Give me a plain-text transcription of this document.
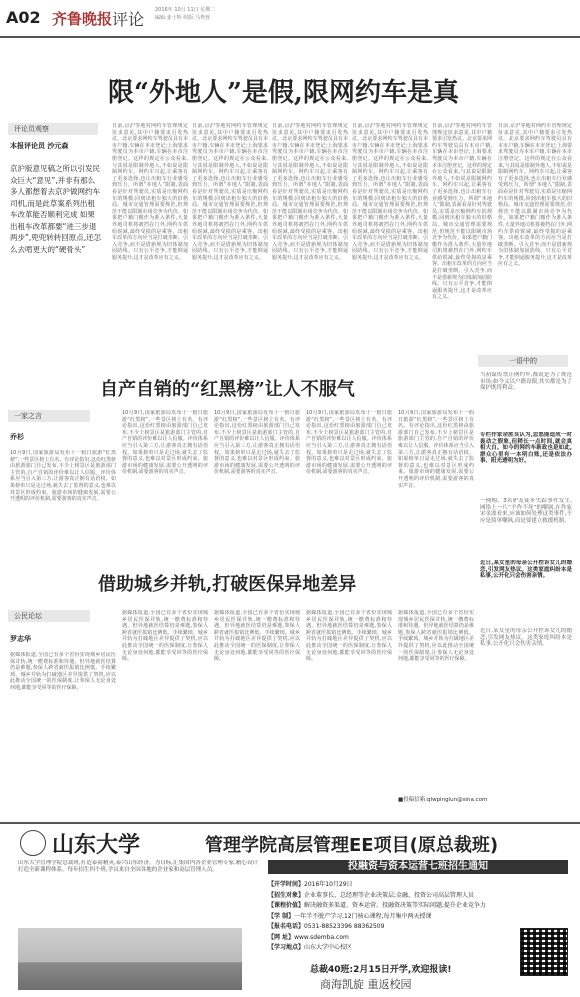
A02 齐鲁晚报 评论 2016年 10月 11日 星期二
编辑:姜士辉 组版:马秀蓉
限“外地人”是假,限网约车是真
评论员观察
本报评论员 沙元森
京沪版意见稿之所以引发民众巨大“意见”,并非有那么多人都想着去京沪做网约车司机,而是此草案系列出租车改革能否顺利完成 如果出租车改革都要“进三步退两步”,兜兜转转回原点,还怎么去啃更大的“硬骨头”
日前,京沪等地对网约车管理规定征求意见,其中户籍要求引发热议。北京要求网约车驾驶员具有本市户籍,车辆在本市登记;上海要求驾驶员为本市户籍,车辆在本市注册登记。这样的规定在公众看来,与其说是限制外地人,不如说是限制网约车。网约车兴起,让乘客有了更多选择,也让出租车行业感受到压力。所谓“本地人”限制,表面看是针对驾驶员,实质是压缩网约车的规模,回到出租车独大的旧格局。城市交通管理需要规范,但规范不能以限制市场竞争为代价。如果把户籍门槛作为准入条件,大量外地司机将被挡在门外,网约车供给锐减,最终受损的是乘客。出租车改革的方向应当是打破垄断、引入竞争,而不是借新规为旧体制加固防线。只有公平竞争,才能倒逼服务提升,这才是改革应有之义。
日前,京沪等地对网约车管理规定征求意见,其中户籍要求引发热议。北京要求网约车驾驶员具有本市户籍,车辆在本市登记;上海要求驾驶员为本市户籍,车辆在本市注册登记。这样的规定在公众看来,与其说是限制外地人,不如说是限制网约车。网约车兴起,让乘客有了更多选择,也让出租车行业感受到压力。所谓“本地人”限制,表面看是针对驾驶员,实质是压缩网约车的规模,回到出租车独大的旧格局。城市交通管理需要规范,但规范不能以限制市场竞争为代价。如果把户籍门槛作为准入条件,大量外地司机将被挡在门外,网约车供给锐减,最终受损的是乘客。出租车改革的方向应当是打破垄断、引入竞争,而不是借新规为旧体制加固防线。只有公平竞争,才能倒逼服务提升,这才是改革应有之义。
日前,京沪等地对网约车管理规定征求意见,其中户籍要求引发热议。北京要求网约车驾驶员具有本市户籍,车辆在本市登记;上海要求驾驶员为本市户籍,车辆在本市注册登记。这样的规定在公众看来,与其说是限制外地人,不如说是限制网约车。网约车兴起,让乘客有了更多选择,也让出租车行业感受到压力。所谓“本地人”限制,表面看是针对驾驶员,实质是压缩网约车的规模,回到出租车独大的旧格局。城市交通管理需要规范,但规范不能以限制市场竞争为代价。如果把户籍门槛作为准入条件,大量外地司机将被挡在门外,网约车供给锐减,最终受损的是乘客。出租车改革的方向应当是打破垄断、引入竞争,而不是借新规为旧体制加固防线。只有公平竞争,才能倒逼服务提升,这才是改革应有之义。
日前,京沪等地对网约车管理规定征求意见,其中户籍要求引发热议。北京要求网约车驾驶员具有本市户籍,车辆在本市登记;上海要求驾驶员为本市户籍,车辆在本市注册登记。这样的规定在公众看来,与其说是限制外地人,不如说是限制网约车。网约车兴起,让乘客有了更多选择,也让出租车行业感受到压力。所谓“本地人”限制,表面看是针对驾驶员,实质是压缩网约车的规模,回到出租车独大的旧格局。城市交通管理需要规范,但规范不能以限制市场竞争为代价。如果把户籍门槛作为准入条件,大量外地司机将被挡在门外,网约车供给锐减,最终受损的是乘客。出租车改革的方向应当是打破垄断、引入竞争,而不是借新规为旧体制加固防线。只有公平竞争,才能倒逼服务提升,这才是改革应有之义。
日前,京沪等地对网约车管理规定征求意见,其中户籍要求引发热议。北京要求网约车驾驶员具有本市户籍,车辆在本市登记;上海要求驾驶员为本市户籍,车辆在本市注册登记。这样的规定在公众看来,与其说是限制外地人,不如说是限制网约车。网约车兴起,让乘客有了更多选择,也让出租车行业感受到压力。所谓“本地人”限制,表面看是针对驾驶员,实质是压缩网约车的规模,回到出租车独大的旧格局。城市交通管理需要规范,但规范不能以限制市场竞争为代价。如果把户籍门槛作为准入条件,大量外地司机将被挡在门外,网约车供给锐减,最终受损的是乘客。出租车改革的方向应当是打破垄断、引入竞争,而不是借新规为旧体制加固防线。只有公平竞争,才能倒逼服务提升,这才是改革应有之义。
日前,京沪等地对网约车管理规定征求意见,其中户籍要求引发热议。北京要求网约车驾驶员具有本市户籍,车辆在本市登记;上海要求驾驶员为本市户籍,车辆在本市注册登记。这样的规定在公众看来,与其说是限制外地人,不如说是限制网约车。网约车兴起,让乘客有了更多选择,也让出租车行业感受到压力。所谓“本地人”限制,表面看是针对驾驶员,实质是压缩网约车的规模,回到出租车独大的旧格局。城市交通管理需要规范,但规范不能以限制市场竞争为代价。如果把户籍门槛作为准入条件,大量外地司机将被挡在门外,网约车供给锐减,最终受损的是乘客。出租车改革的方向应当是打破垄断、引入竞争,而不是借新规为旧体制加固防线。只有公平竞争,才能倒逼服务提升,这才是改革应有之义。
一语中的
当初谋传禁止网约车,都说是为了规范市场;如今又以户籍设限,其实都是为了保护既得利益。
专栏作家余胜良认为,忽悠能造成一时轰动之假象,但稍长一点时间,就会真相大白。如今的网约车新政也是如此,群众心里有一本明白账,还是依法办事、阳光透明为好。
一网购、3名驴友徒步失踪事件发生,网络上一片“不作不死”的嘲讽,在作家宋金波看来,应该如何处理这类事件,不应是简单嘲讽,而是要建立救援机制。
近日,某女星的母亲公开控诉女儿的婚恋,引发网友热议。这类家庭纠纷本是私事,公开化只会伤害亲情。
近日,某女星的母亲公开控诉女儿的婚恋,引发网友热议。这类家庭纠纷本是私事,公开化只会伤害亲情。
自产自销的“红黑榜”让人不服气
一家之言
乔杉
10月9日,国家旅游局发布十一假日旅游“红黑榜”,一些景区榜上有名。有评论指出,这份红黑榜由旅游部门自己发布,不少上榜景区是旅游部门主管的,自产自销的评价难以让人信服。评价体系应当引入第三方,让游客真正拥有话语权。如果榜单只是走过场,就失去了监督的意义,也难以对景区形成约束。旅游市场的健康发展,需要公开透明的评价机制,需要游客的真实声音。
10月9日,国家旅游局发布十一假日旅游“红黑榜”,一些景区榜上有名。有评论指出,这份红黑榜由旅游部门自己发布,不少上榜景区是旅游部门主管的,自产自销的评价难以让人信服。评价体系应当引入第三方,让游客真正拥有话语权。如果榜单只是走过场,就失去了监督的意义,也难以对景区形成约束。旅游市场的健康发展,需要公开透明的评价机制,需要游客的真实声音。
10月9日,国家旅游局发布十一假日旅游“红黑榜”,一些景区榜上有名。有评论指出,这份红黑榜由旅游部门自己发布,不少上榜景区是旅游部门主管的,自产自销的评价难以让人信服。评价体系应当引入第三方,让游客真正拥有话语权。如果榜单只是走过场,就失去了监督的意义,也难以对景区形成约束。旅游市场的健康发展,需要公开透明的评价机制,需要游客的真实声音。
10月9日,国家旅游局发布十一假日旅游“红黑榜”,一些景区榜上有名。有评论指出,这份红黑榜由旅游部门自己发布,不少上榜景区是旅游部门主管的,自产自销的评价难以让人信服。评价体系应当引入第三方,让游客真正拥有话语权。如果榜单只是走过场,就失去了监督的意义,也难以对景区形成约束。旅游市场的健康发展,需要公开透明的评价机制,需要游客的真实声音。
10月9日,国家旅游局发布十一假日旅游“红黑榜”,一些景区榜上有名。有评论指出,这份红黑榜由旅游部门自己发布,不少上榜景区是旅游部门主管的,自产自销的评价难以让人信服。评价体系应当引入第三方,让游客真正拥有话语权。如果榜单只是走过场,就失去了监督的意义,也难以对景区形成约束。旅游市场的健康发展,需要公开透明的评价机制,需要游客的真实声音。
借助城乡并轨,打破医保异地差异
公民论坛
罗志华
据媒体报道,全国已有多个省份实现城乡居民医保并轨,统一缴费标准和待遇。但异地就医结算仍是难题,参保人跨省就医报销比例低、手续繁琐。城乡并轨为打破地区差异提供了契机,应以此推动全国统一的医保制度,让参保人无论身处何地,都能享受同等的医疗保障。
据媒体报道,全国已有多个省份实现城乡居民医保并轨,统一缴费标准和待遇。但异地就医结算仍是难题,参保人跨省就医报销比例低、手续繁琐。城乡并轨为打破地区差异提供了契机,应以此推动全国统一的医保制度,让参保人无论身处何地,都能享受同等的医疗保障。
据媒体报道,全国已有多个省份实现城乡居民医保并轨,统一缴费标准和待遇。但异地就医结算仍是难题,参保人跨省就医报销比例低、手续繁琐。城乡并轨为打破地区差异提供了契机,应以此推动全国统一的医保制度,让参保人无论身处何地,都能享受同等的医疗保障。
据媒体报道,全国已有多个省份实现城乡居民医保并轨,统一缴费标准和待遇。但异地就医结算仍是难题,参保人跨省就医报销比例低、手续繁琐。城乡并轨为打破地区差异提供了契机,应以此推动全国统一的医保制度,让参保人无论身处何地,都能享受同等的医疗保障。
据媒体报道,全国已有多个省份实现城乡居民医保并轨,统一缴费标准和待遇。但异地就医结算仍是难题,参保人跨省就医报销比例低、手续繁琐。城乡并轨为打破地区差异提供了契机,应以此推动全国统一的医保制度,让参保人无论身处何地,都能享受同等的医疗保障。
■投稿信箱:qlwpinglun@sina.com
山东大学	管理学院高层管理EE项目(原总裁班)
山东大学管理学院总裁班,打造泰商精英,泰兴山东经济。为目标,汇集国内各企业管理专家,精心设计打造全新课程体系。每年招生四个班,学员来自全国各地的企业家和高层管理人员。	投融资与资本运营七班招生通知
【开学时间】2016年10月29日
【招生对象】企业董事长、总经理等企业决策层;金融、投资公司高层管理人员
【课程价值】解决融资多渠道、资本运营、投融资决策等实际问题,提升企业竞争力
【学 制】一年半不脱产学习,12门核心课程,每月集中两天授课
【报名电话】0531-88523396 88362509
【网 址】www.sdemba.com
【学习地点】山东大学中心校区
总裁40班:2月15日开学,欢迎报读!
商海凯旋 重返校园
